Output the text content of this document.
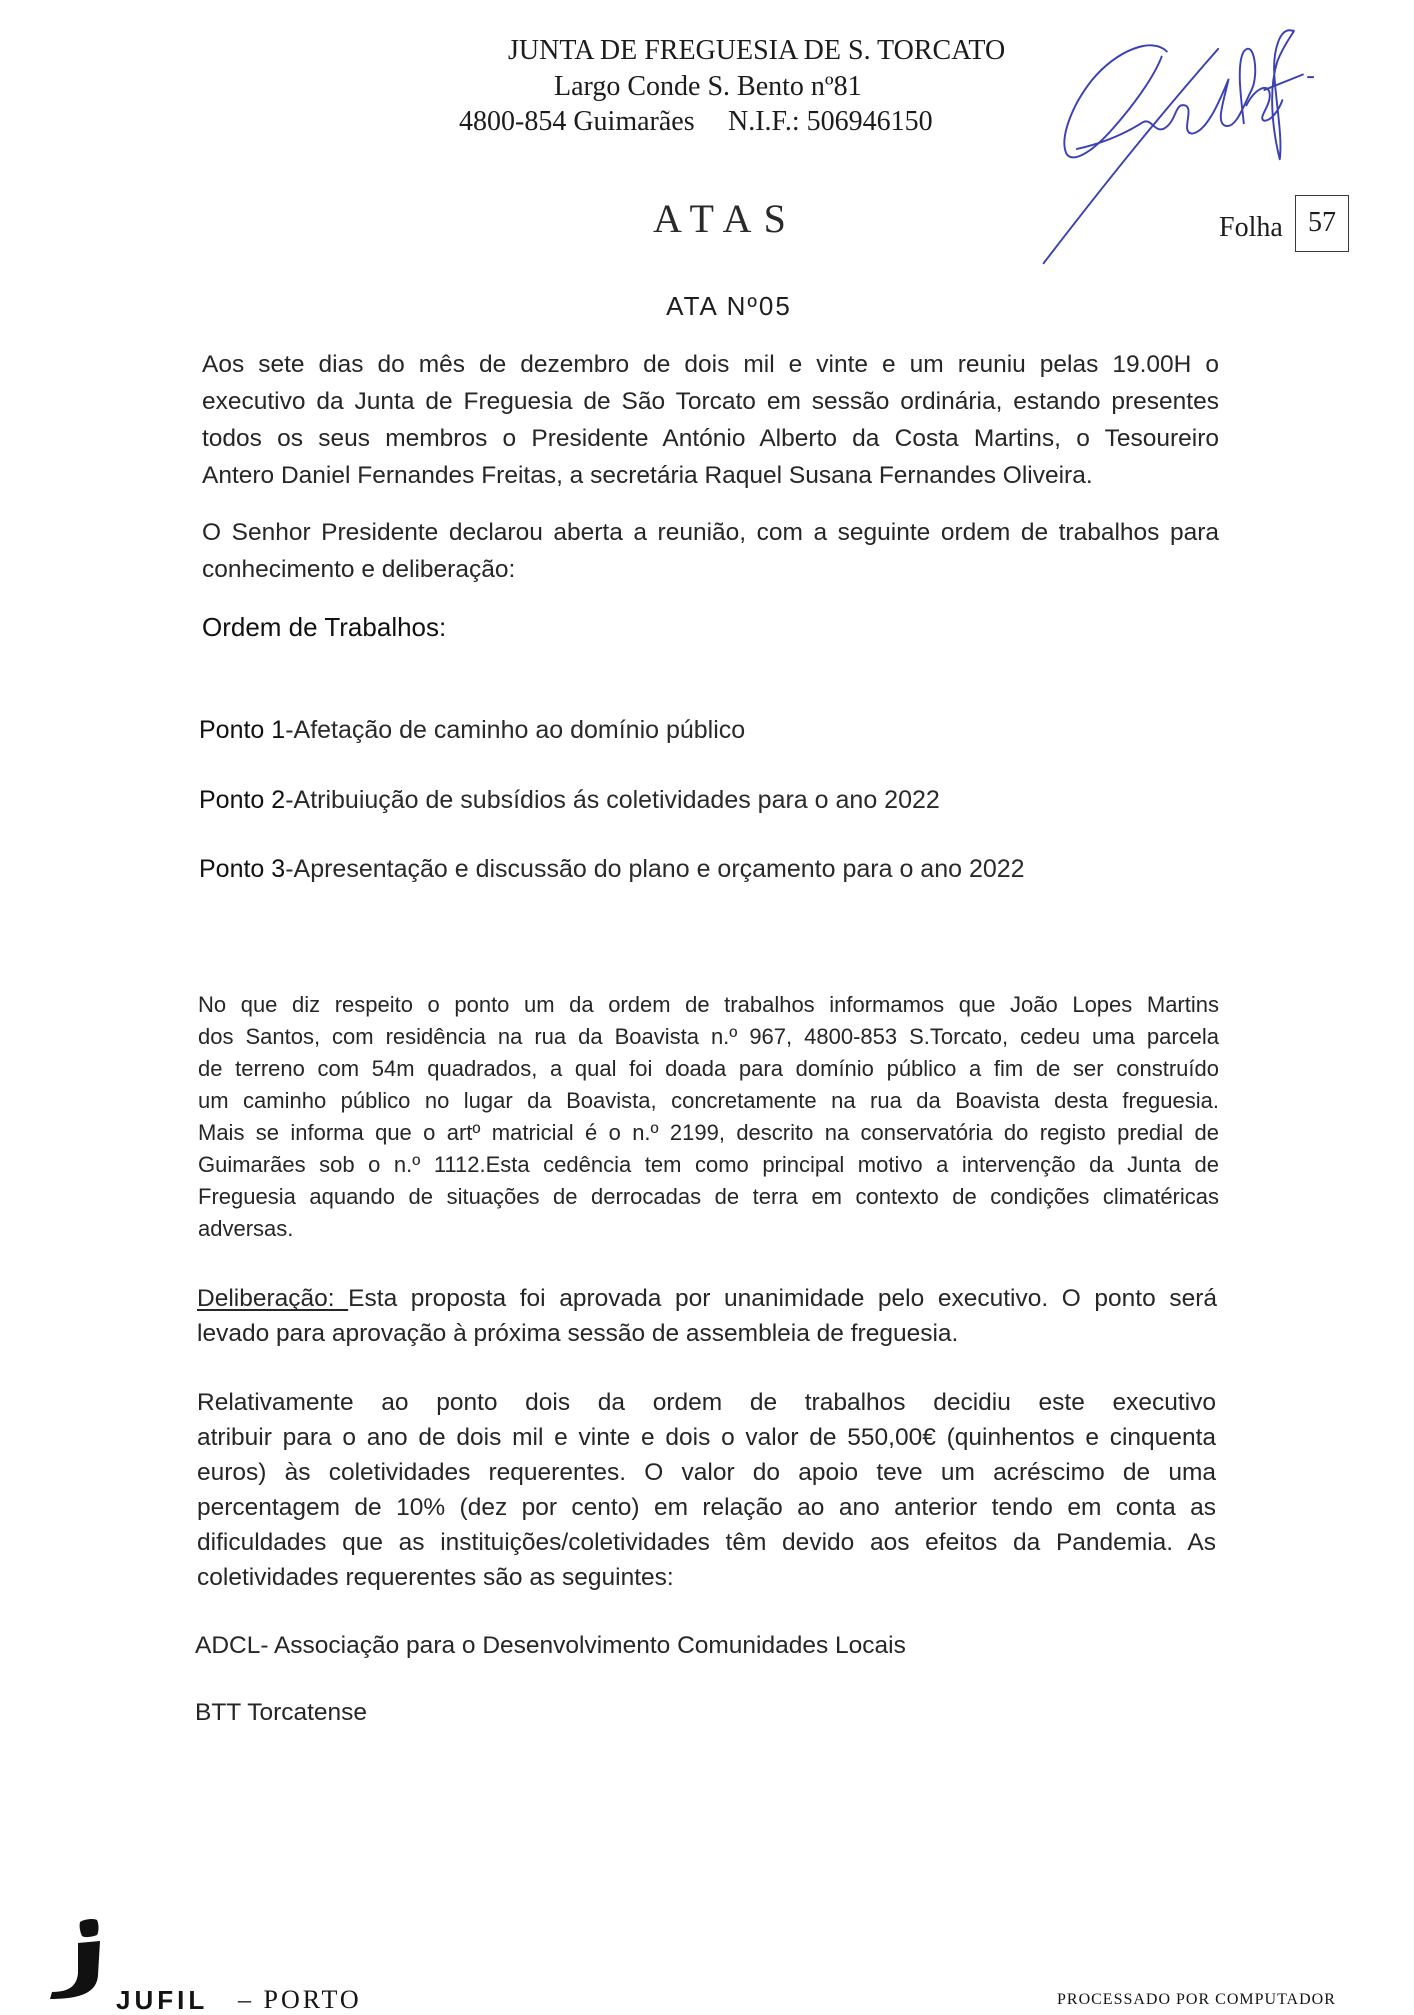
JUNTA DE FREGUESIA DE S. TORCATO
Largo Conde S. Bento nº81
4800-854 Guimarães N.I.F.: 506946150
ATAS	Folha 57
ATA Nº05
Aos sete dias do mês de dezembro de dois mil e vinte e um reuniu pelas 19.00H o
executivo da Junta de Freguesia de São Torcato em sessão ordinária, estando presentes
todos os seus membros o Presidente António Alberto da Costa Martins, o Tesoureiro
Antero Daniel Fernandes Freitas, a secretária Raquel Susana Fernandes Oliveira.
O Senhor Presidente declarou aberta a reunião, com a seguinte ordem de trabalhos para
conhecimento e deliberação:
Ordem de Trabalhos:
Ponto 1-Afetação de caminho ao domínio público
Ponto 2-Atribuiução de subsídios ás coletividades para o ano 2022
Ponto 3-Apresentação e discussão do plano e orçamento para o ano 2022
No que diz respeito o ponto um da ordem de trabalhos informamos que João Lopes Martins
dos Santos, com residência na rua da Boavista n.º 967, 4800-853 S.Torcato, cedeu uma parcela
de terreno com 54m quadrados, a qual foi doada para domínio público a fim de ser construído
um caminho público no lugar da Boavista, concretamente na rua da Boavista desta freguesia.
Mais se informa que o artº matricial é o n.º 2199, descrito na conservatória do registo predial de
Guimarães sob o n.º 1112.Esta cedência tem como principal motivo a intervenção da Junta de
Freguesia aquando de situações de derrocadas de terra em contexto de condições climatéricas
adversas.
Deliberação: Esta proposta foi aprovada por unanimidade pelo executivo. O ponto será
levado para aprovação à próxima sessão de assembleia de freguesia.
Relativamente ao ponto dois da ordem de trabalhos decidiu este executivo
atribuir para o ano de dois mil e vinte e dois o valor de 550,00€ (quinhentos e cinquenta
euros) às coletividades requerentes. O valor do apoio teve um acréscimo de uma
percentagem de 10% (dez por cento) em relação ao ano anterior tendo em conta as
dificuldades que as instituições/coletividades têm devido aos efeitos da Pandemia. As
coletividades requerentes são as seguintes:
ADCL- Associação para o Desenvolvimento Comunidades Locais
BTT Torcatense
JUFIL – PORTO	PROCESSADO POR COMPUTADOR
